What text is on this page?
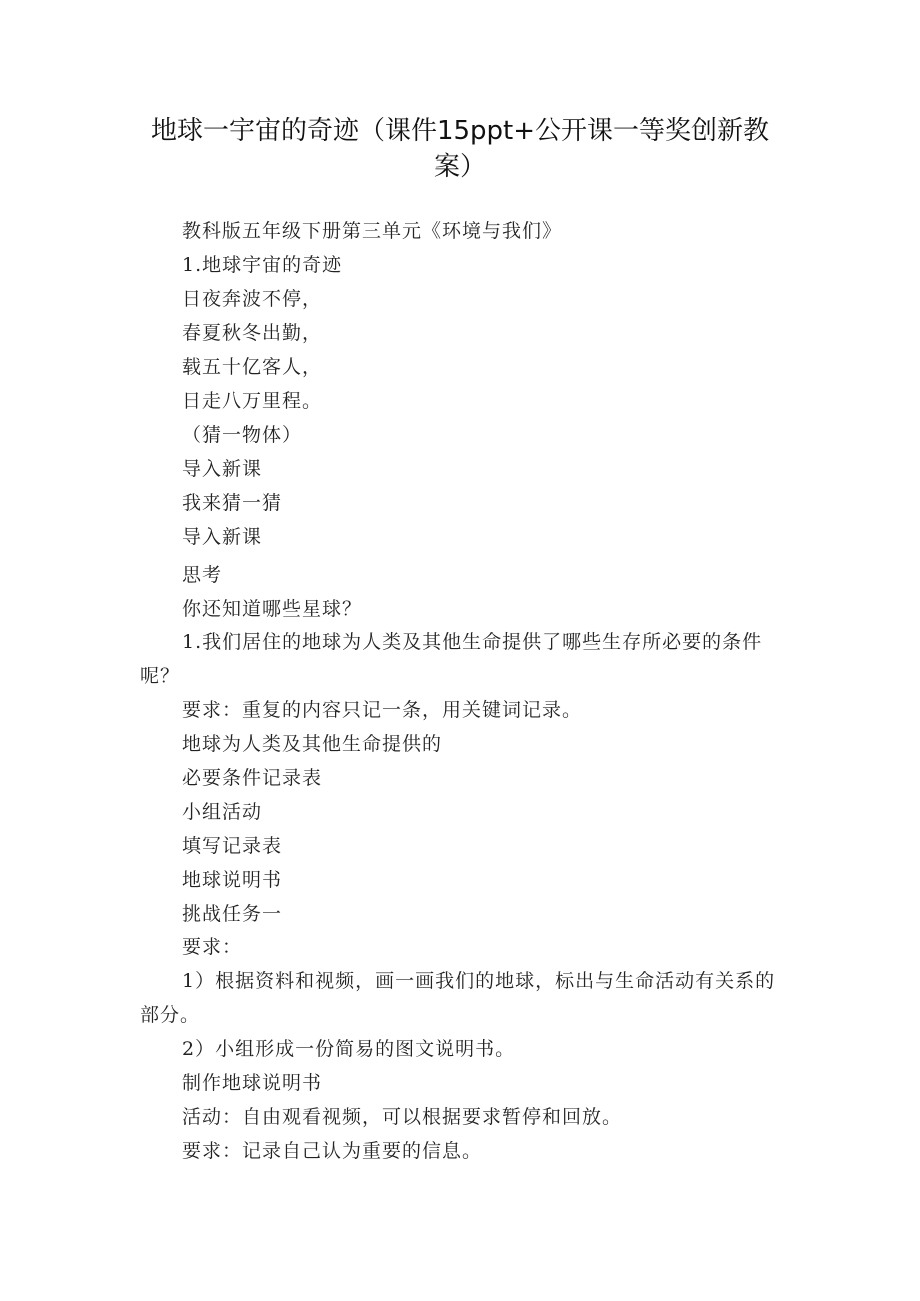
地球一宇宙的奇迹（课件15ppt+公开课一等奖创新教
案）
教科版五年级下册第三单元《环境与我们》
1.地球宇宙的奇迹
日夜奔波不停，
春夏秋冬出勤，
载五十亿客人，
日走八万里程。
（猜一物体）
导入新课
我来猜一猜
导入新课
思考
你还知道哪些星球？
1.我们居住的地球为人类及其他生命提供了哪些生存所必要的条件
呢？
要求：重复的内容只记一条，用关键词记录。
地球为人类及其他生命提供的
必要条件记录表
小组活动
填写记录表
地球说明书
挑战任务一
要求：
1）根据资料和视频，画一画我们的地球，标出与生命活动有关系的
部分。
2）小组形成一份简易的图文说明书。
制作地球说明书
活动：自由观看视频，可以根据要求暂停和回放。
要求：记录自己认为重要的信息。
